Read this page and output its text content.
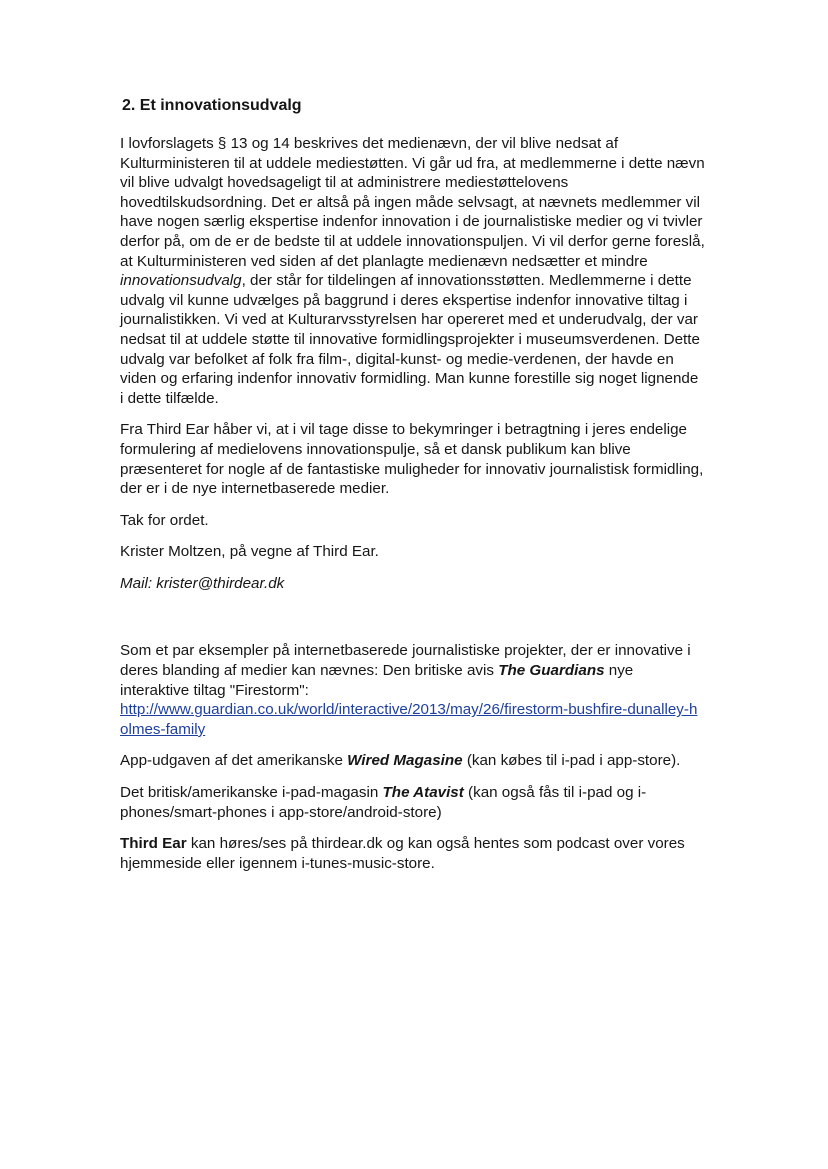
2. Et innovationsudvalg

I lovforslagets § 13 og 14 beskrives det medienævn, der vil blive nedsat af Kulturministeren til at uddele mediestøtten. Vi går ud fra, at medlemmerne i dette nævn vil blive udvalgt hovedsageligt til at administrere mediestøttelovens hovedtilskudsordning. Det er altså på ingen måde selvsagt, at nævnets medlemmer vil have nogen særlig ekspertise indenfor innovation i de journalistiske medier og vi tvivler derfor på, om de er de bedste til at uddele innovationspuljen. Vi vil derfor gerne foreslå, at Kulturministeren ved siden af det planlagte medienævn nedsætter et mindre innovationsudvalg, der står for tildelingen af innovationsstøtten. Medlemmerne i dette udvalg vil kunne udvælges på baggrund i deres ekspertise indenfor innovative tiltag i journalistikken. Vi ved at Kulturarvsstyrelsen har opereret med et underudvalg, der var nedsat til at uddele støtte til innovative formidlingsprojekter i museumsverdenen. Dette udvalg var befolket af folk fra film-, digital-kunst- og medie-verdenen, der havde en viden og erfaring indenfor innovativ formidling. Man kunne forestille sig noget lignende i dette tilfælde.

Fra Third Ear håber vi, at i vil tage disse to bekymringer i betragtning i jeres endelige formulering af medielovens innovationspulje, så et dansk publikum kan blive præsenteret for nogle af de fantastiske muligheder for innovativ journalistisk formidling, der er i de nye internetbaserede medier.

Tak for ordet.

Krister Moltzen, på vegne af Third Ear.

Mail: krister@thirdear.dk

Som et par eksempler på internetbaserede journalistiske projekter, der er innovative i deres blanding af medier kan nævnes: Den britiske avis The Guardians nye interaktive tiltag "Firestorm":
http://www.guardian.co.uk/world/interactive/2013/may/26/firestorm-bushfire-dunalley-holmes-family

App-udgaven af det amerikanske Wired Magasine (kan købes til i-pad i app-store).

Det britisk/amerikanske i-pad-magasin The Atavist (kan også fås til i-pad og i-phones/smart-phones i app-store/android-store)

Third Ear kan høres/ses på thirdear.dk og kan også hentes som podcast over vores hjemmeside eller igennem i-tunes-music-store.
